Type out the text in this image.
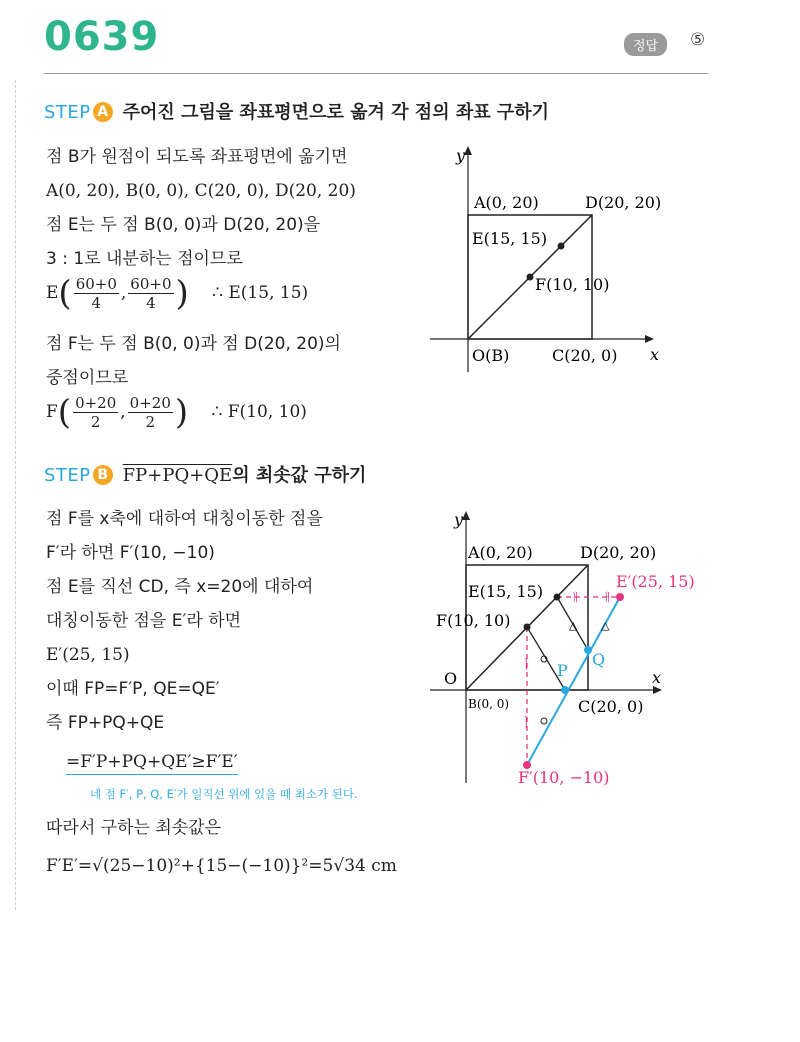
0639	정답	⑤
STEP A 주어진 그림을 좌표평면으로 옮겨 각 점의 좌표 구하기
점 B가 원점이 되도록 좌표평면에 옮기면
A(0, 20), B(0, 0), C(20, 0), D(20, 20)
점 E는 두 점 B(0, 0)과 D(20, 20)을
3 : 1로 내분하는 점이므로
$E( \frac{60+0}{4}$ , $\frac{60+0}{4}$ ) ∴ E(15, 15)
점 F는 두 점 B(0, 0)과 점 D(20, 20)의
중점이므로
$F( \frac{0+20}{2}$ , $\frac{0+20}{2}$ ) ∴ F(10, 10)
y
x
A(0, 20)	D(20, 20)
E(15, 15)
F(10, 10)
O(B)	C(20, 0)
STEP B FP+PQ+QE의 최솟값 구하기
점 F를 x축에 대하여 대칭이동한 점을
F′라 하면 F′(10, −10)
점 E를 직선 CD, 즉 x=20에 대하여
대칭이동한 점을 E′라 하면
E′(25, 15)
이때 FP=F′P, QE=QE′
즉 FP+PQ+QE
=F′P+PQ+QE′≥F′E′
네 점 F′, P, Q, E′가 일직선 위에 있을 때 최소가 된다.
따라서 구하는 최솟값은
F′E′=√(25−10)²+{15−(−10)}²=5√34 cm
ㅣ
ㅣ
ㅐ ㅐ
△ △
y
x
A(0, 20)	D(20, 20)
E(15, 15)
E′(25, 15)
F(10, 10)
O
B(0, 0)	C(20, 0)
P
Q
F′(10, −10)
